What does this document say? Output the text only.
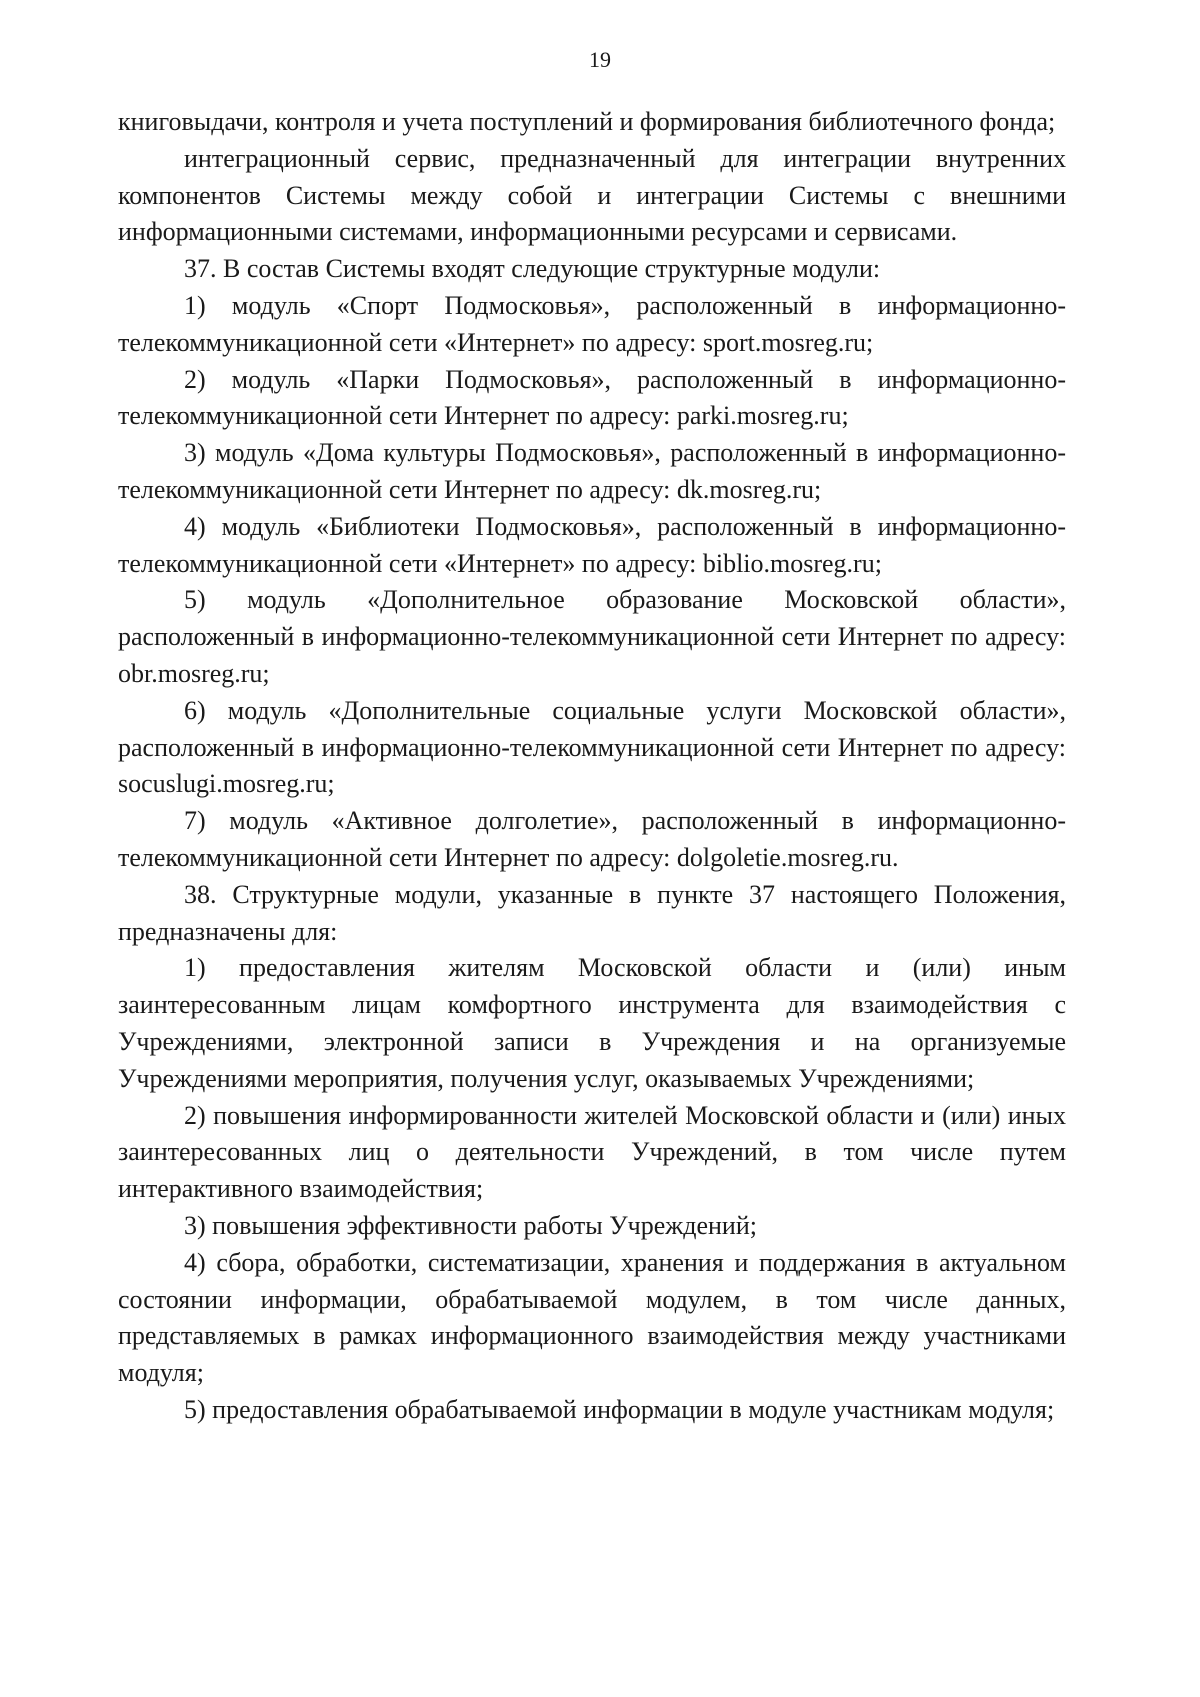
19

книговыдачи, контроля и учета поступлений и формирования библиотечного фонда;

интеграционный сервис, предназначенный для интеграции внутренних компонентов Системы между собой и интеграции Системы с внешними информационными системами, информационными ресурсами и сервисами.

37. В состав Системы входят следующие структурные модули:

1) модуль «Спорт Подмосковья», расположенный в информационно-телекоммуникационной сети «Интернет» по адресу: sport.mosreg.ru;

2) модуль «Парки Подмосковья», расположенный в информационно-телекоммуникационной сети Интернет по адресу: parki.mosreg.ru;

3) модуль «Дома культуры Подмосковья», расположенный в информационно-телекоммуникационной сети Интернет по адресу: dk.mosreg.ru;

4) модуль «Библиотеки Подмосковья», расположенный в информационно-телекоммуникационной сети «Интернет» по адресу: biblio.mosreg.ru;

5) модуль «Дополнительное образование Московской области», расположенный в информационно-телекоммуникационной сети Интернет по адресу: obr.mosreg.ru;

6) модуль «Дополнительные социальные услуги Московской области», расположенный в информационно-телекоммуникационной сети Интернет по адресу: socuslugi.mosreg.ru;

7) модуль «Активное долголетие», расположенный в информационно-телекоммуникационной сети Интернет по адресу: dolgoletie.mosreg.ru.

38. Структурные модули, указанные в пункте 37 настоящего Положения, предназначены для:

1) предоставления жителям Московской области и (или) иным заинтересованным лицам комфортного инструмента для взаимодействия с Учреждениями, электронной записи в Учреждения и на организуемые Учреждениями мероприятия, получения услуг, оказываемых Учреждениями;

2) повышения информированности жителей Московской области и (или) иных заинтересованных лиц о деятельности Учреждений, в том числе путем интерактивного взаимодействия;

3) повышения эффективности работы Учреждений;

4) сбора, обработки, систематизации, хранения и поддержания в актуальном состоянии информации, обрабатываемой модулем, в том числе данных, представляемых в рамках информационного взаимодействия между участниками модуля;

5) предоставления обрабатываемой информации в модуле участникам модуля;
